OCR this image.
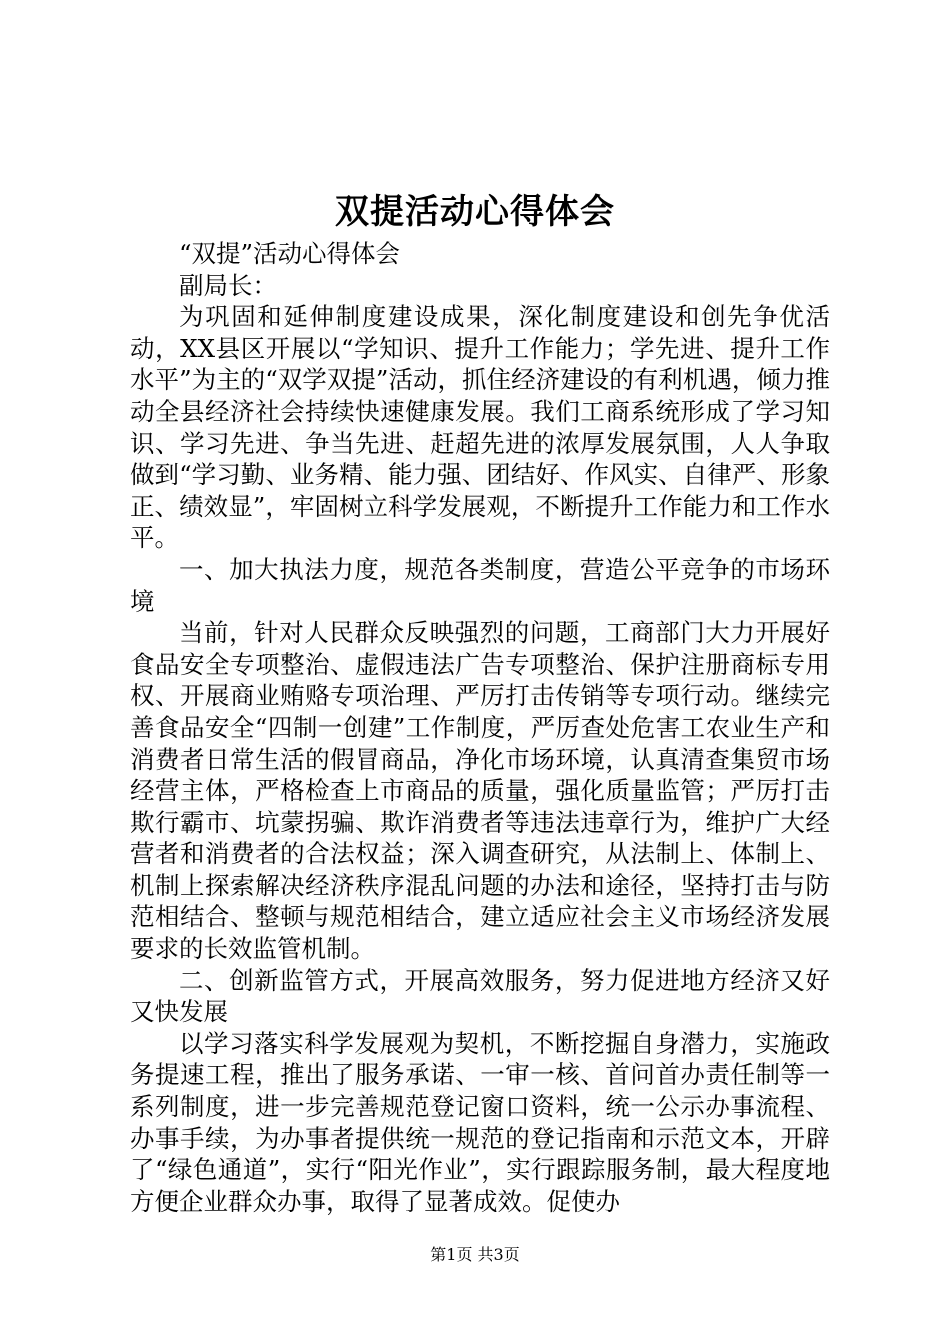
双提活动心得体会

“双提”活动心得体会

副局长：

为巩固和延伸制度建设成果，深化制度建设和创先争优活动，XX县区开展以“学知识、提升工作能力；学先进、提升工作水平”为主的“双学双提”活动，抓住经济建设的有利机遇，倾力推动全县经济社会持续快速健康发展。我们工商系统形成了学习知识、学习先进、争当先进、赶超先进的浓厚发展氛围，人人争取做到“学习勤、业务精、能力强、团结好、作风实、自律严、形象正、绩效显”，牢固树立科学发展观，不断提升工作能力和工作水平。

一、加大执法力度，规范各类制度，营造公平竞争的市场环境

当前，针对人民群众反映强烈的问题，工商部门大力开展好食品安全专项整治、虚假违法广告专项整治、保护注册商标专用权、开展商业贿赂专项治理、严厉打击传销等专项行动。继续完善食品安全“四制一创建”工作制度，严厉查处危害工农业生产和消费者日常生活的假冒商品，净化市场环境，认真清查集贸市场经营主体，严格检查上市商品的质量，强化质量监管；严厉打击欺行霸市、坑蒙拐骗、欺诈消费者等违法违章行为，维护广大经营者和消费者的合法权益；深入调查研究，从法制上、体制上、机制上探索解决经济秩序混乱问题的办法和途径，坚持打击与防范相结合、整顿与规范相结合，建立适应社会主义市场经济发展要求的长效监管机制。

二、创新监管方式，开展高效服务，努力促进地方经济又好又快发展

以学习落实科学发展观为契机，不断挖掘自身潜力，实施政务提速工程，推出了服务承诺、一审一核、首问首办责任制等一系列制度，进一步完善规范登记窗口资料，统一公示办事流程、办事手续，为办事者提供统一规范的登记指南和示范文本，开辟了“绿色通道”，实行“阳光作业”，实行跟踪服务制，最大程度地方便企业群众办事，取得了显著成效。促使办

第1页 共3页
